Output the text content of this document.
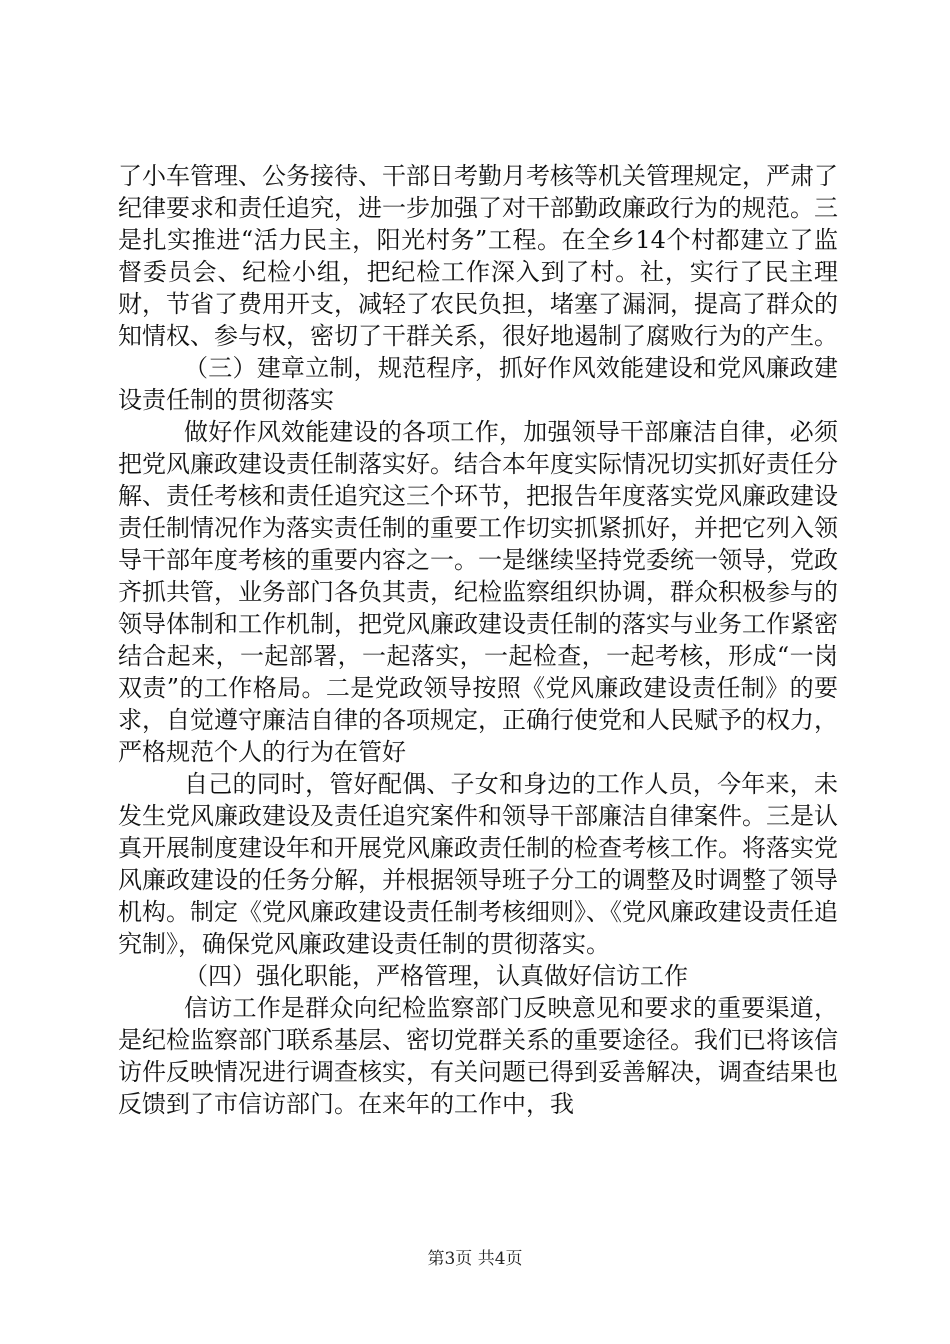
了小车管理、公务接待、干部日考勤月考核等机关管理规定，严肃了纪律要求和责任追究，进一步加强了对干部勤政廉政行为的规范。三是扎实推进“活力民主，阳光村务”工程。在全乡14个村都建立了监督委员会、纪检小组，把纪检工作深入到了村。社，实行了民主理财，节省了费用开支，减轻了农民负担，堵塞了漏洞，提高了群众的知情权、参与权，密切了干群关系，很好地遏制了腐败行为的产生。

（三）建章立制，规范程序，抓好作风效能建设和党风廉政建设责任制的贯彻落实

做好作风效能建设的各项工作，加强领导干部廉洁自律，必须把党风廉政建设责任制落实好。结合本年度实际情况切实抓好责任分解、责任考核和责任追究这三个环节，把报告年度落实党风廉政建设责任制情况作为落实责任制的重要工作切实抓紧抓好，并把它列入领导干部年度考核的重要内容之一。一是继续坚持党委统一领导，党政齐抓共管，业务部门各负其责，纪检监察组织协调，群众积极参与的领导体制和工作机制，把党风廉政建设责任制的落实与业务工作紧密结合起来，一起部署，一起落实，一起检查，一起考核，形成“一岗双责”的工作格局。二是党政领导按照《党风廉政建设责任制》的要求，自觉遵守廉洁自律的各项规定，正确行使党和人民赋予的权力，严格规范个人的行为在管好

自己的同时，管好配偶、子女和身边的工作人员，今年来，未发生党风廉政建设及责任追究案件和领导干部廉洁自律案件。三是认真开展制度建设年和开展党风廉政责任制的检查考核工作。将落实党风廉政建设的任务分解，并根据领导班子分工的调整及时调整了领导机构。制定《党风廉政建设责任制考核细则》、《党风廉政建设责任追究制》，确保党风廉政建设责任制的贯彻落实。

（四）强化职能，严格管理，认真做好信访工作

信访工作是群众向纪检监察部门反映意见和要求的重要渠道，是纪检监察部门联系基层、密切党群关系的重要途径。我们已将该信访件反映情况进行调查核实，有关问题已得到妥善解决，调查结果也反馈到了市信访部门。在来年的工作中，我

第3页 共4页
